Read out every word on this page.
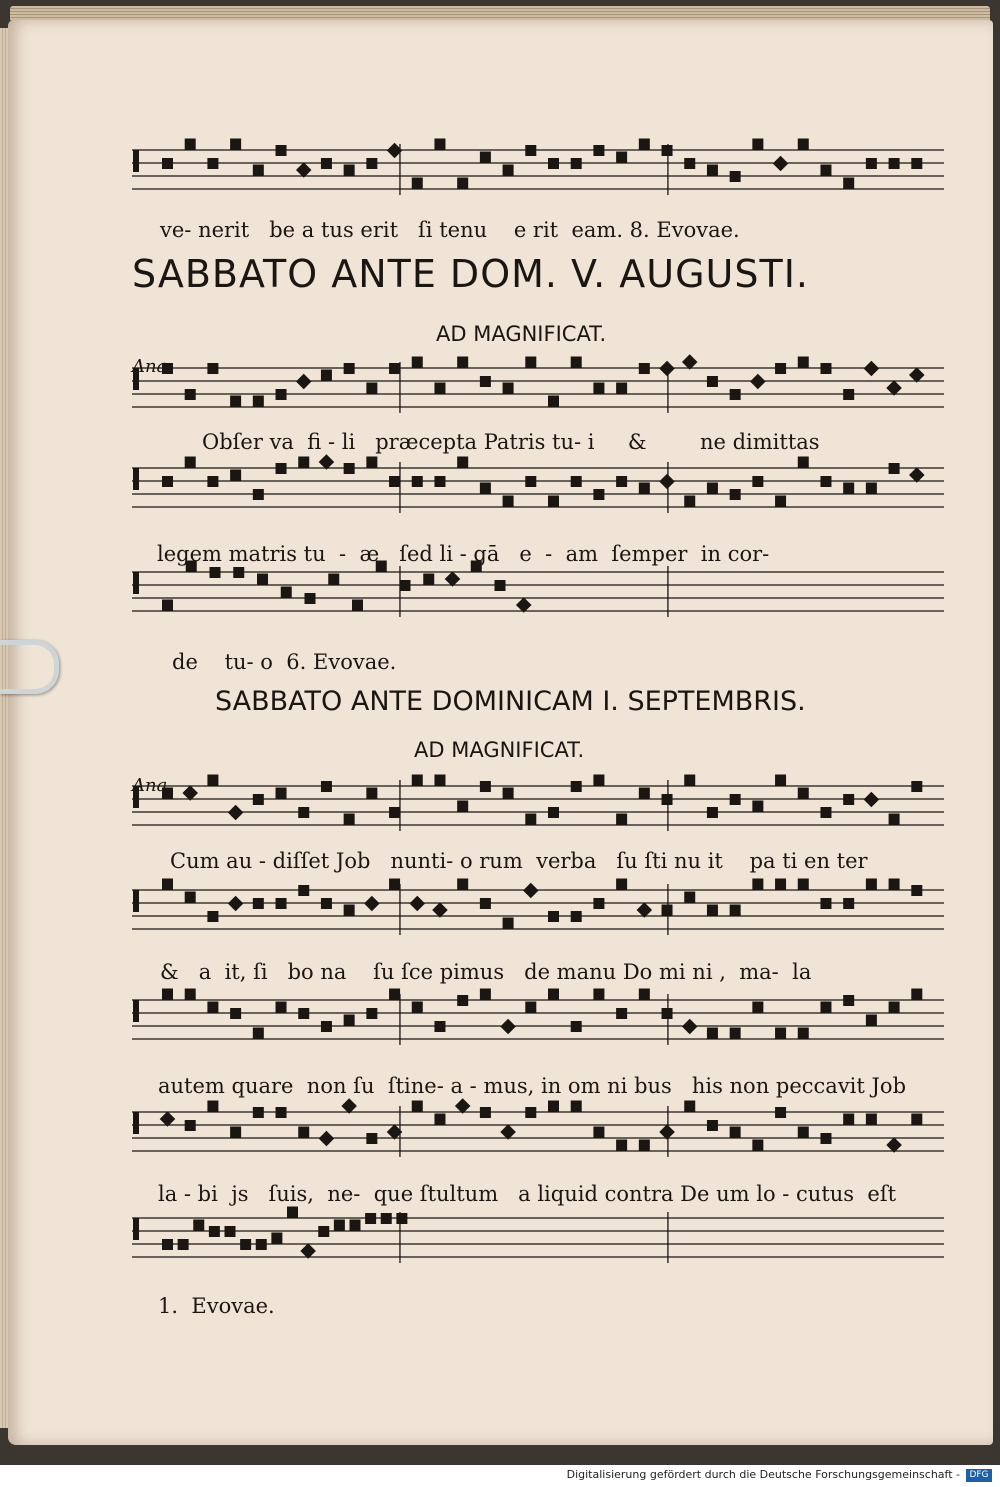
ve- nerit   be a tus erit   ſi tenu    e rit  eam. 8. Evovae.
SABBATO ANTE DOM. V. AUGUSTI.
AD MAGNIFICAT.
Ana.
Obſer va  fi - li   præcepta Patris tu- i     &        ne dimittas
legem matris tu  -  æ   ſed li - gā   e  -  am  ſemper  in cor-
de    tu- o  6. Evovae.
SABBATO ANTE DOMINICAM I. SEPTEMBRIS.
AD MAGNIFICAT.
Ana.
Cum au - diſſet Job   nunti- o rum  verba   ſu ſti nu it    pa ti en ter
&   a  it, ſi   bo na    ſu ſce pimus   de manu Do mi ni ,  ma-  la
autem quare  non ſu  ſtine- a - mus, in om ni bus   his non peccavit Job
la - bi  js   ſuis,  ne-  que ſtultum   a liquid contra De um lo - cutus  eſt
1.  Evovae.
Digitalisierung gefördert durch die Deutsche Forschungsgemeinschaft -	DFG
